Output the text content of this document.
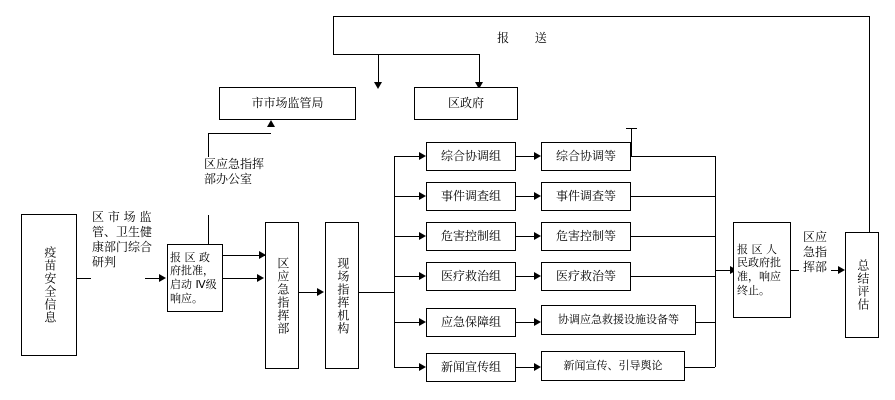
报  送
市市场监管局	区政府
区应急指挥部办公室
疫苗安全信息
区 市 场 监管、卫生健康部门综合研判	报 区 政府批准，启动 Ⅳ级响应。	区应急指挥部	现场指挥机构
综合协调组	综合协调等
事件调查组	事件调查等
危害控制组	危害控制等
医疗救治组	医疗救治等
应急保障组	协调应急救援设施设备等
新闻宣传组	新闻宣传、引导舆论
报 区 人民政府批准，响应终止。
区应急指挥部	总结评估
